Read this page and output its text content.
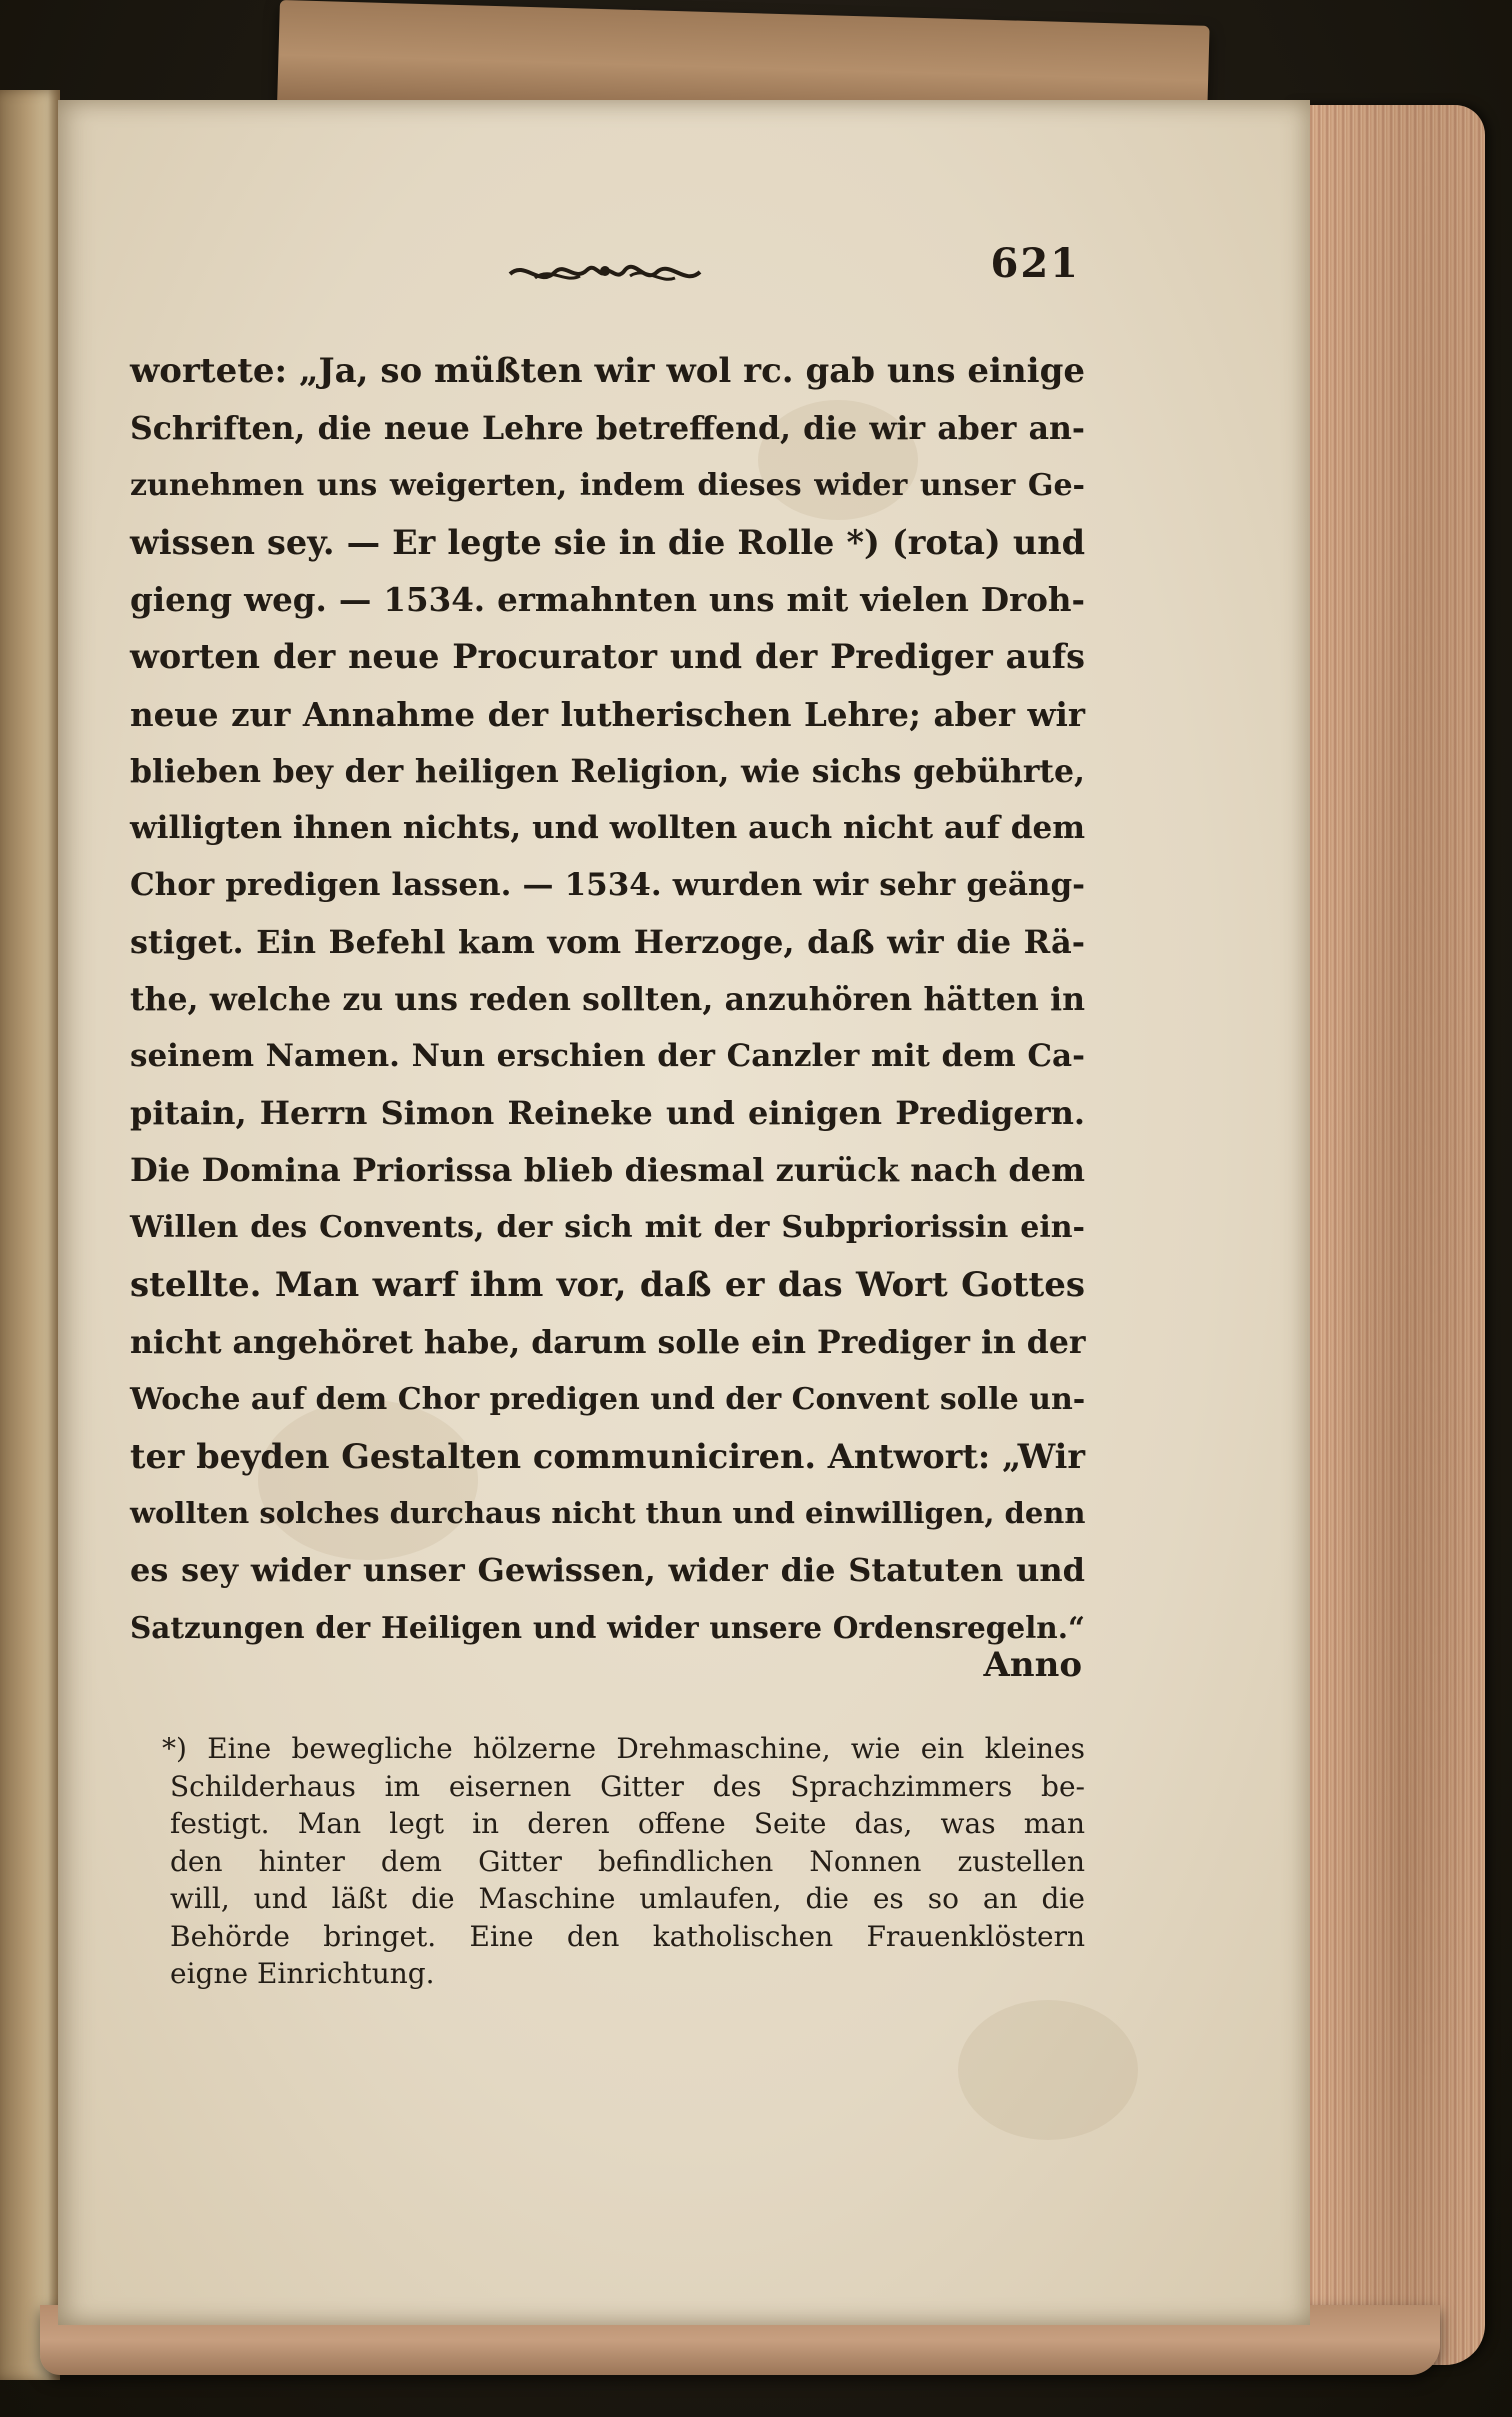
621
wortete: „Ja, so müßten wir wol rc. gab uns einige
Schriften, die neue Lehre betreffend, die wir aber an-
zunehmen uns weigerten, indem dieses wider unser Ge-
wissen sey. — Er legte sie in die Rolle *) (rota) und
gieng weg. — 1534. ermahnten uns mit vielen Droh-
worten der neue Procurator und der Prediger aufs
neue zur Annahme der lutherischen Lehre; aber wir
blieben bey der heiligen Religion, wie sichs gebührte,
willigten ihnen nichts, und wollten auch nicht auf dem
Chor predigen lassen. — 1534. wurden wir sehr geäng-
stiget. Ein Befehl kam vom Herzoge, daß wir die Rä-
the, welche zu uns reden sollten, anzuhören hätten in
seinem Namen. Nun erschien der Canzler mit dem Ca-
pitain, Herrn Simon Reineke und einigen Predigern.
Die Domina Priorissa blieb diesmal zurück nach dem
Willen des Convents, der sich mit der Subpriorissin ein-
stellte. Man warf ihm vor, daß er das Wort Gottes
nicht angehöret habe, darum solle ein Prediger in der
Woche auf dem Chor predigen und der Convent solle un-
ter beyden Gestalten communiciren. Antwort: „Wir
wollten solches durchaus nicht thun und einwilligen, denn
es sey wider unser Gewissen, wider die Statuten und
Satzungen der Heiligen und wider unsere Ordensregeln.“
Anno
*) Eine bewegliche hölzerne Drehmaschine, wie ein kleines
Schilderhaus im eisernen Gitter des Sprachzimmers be-
festigt. Man legt in deren offene Seite das, was man
den hinter dem Gitter befindlichen Nonnen zustellen
will, und läßt die Maschine umlaufen, die es so an die
Behörde bringet. Eine den katholischen Frauenklöstern
eigne Einrichtung.
